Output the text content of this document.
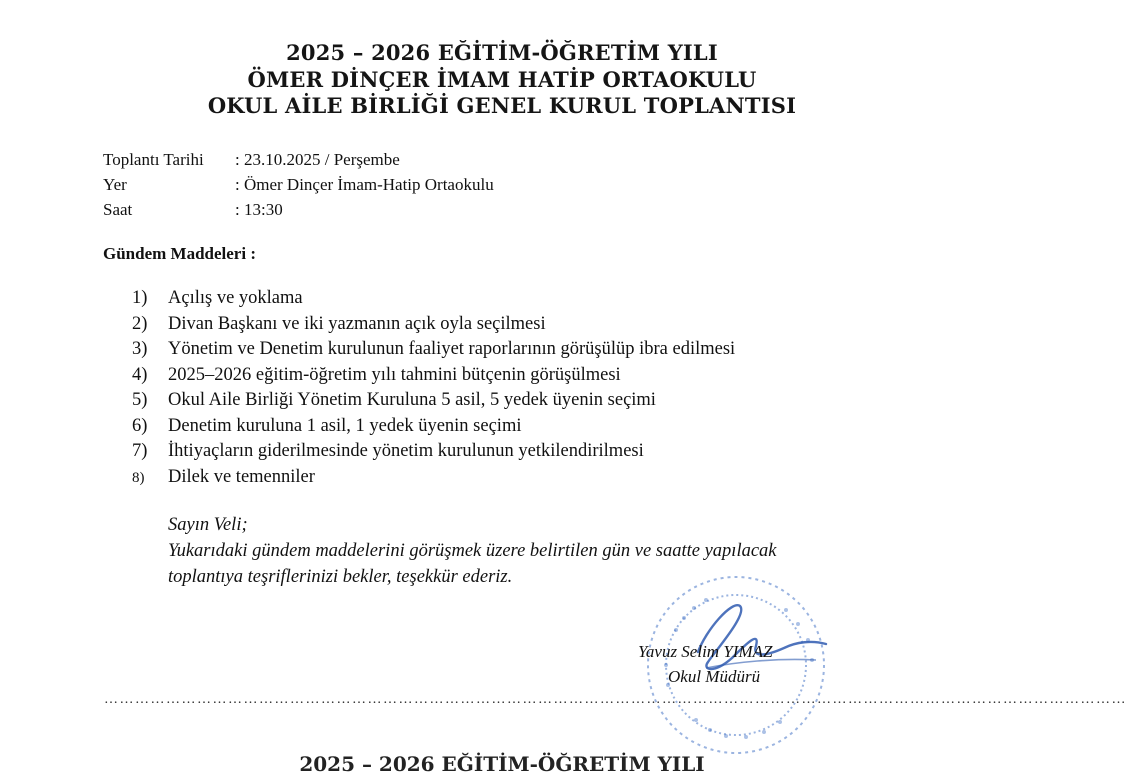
2025 – 2026 EĞİTİM-ÖĞRETİM YILI
ÖMER DİNÇER İMAM HATİP ORTAOKULU
OKUL AİLE BİRLİĞİ GENEL KURUL TOPLANTISI
Toplantı Tarihi : 23.10.2025 / Perşembe
Yer	: Ömer Dinçer İmam-Hatip Ortaokulu
Saat	: 13:30
Gündem Maddeleri :
1) Açılış ve yoklama
2) Divan Başkanı ve iki yazmanın açık oyla seçilmesi
3) Yönetim ve Denetim kurulunun faaliyet raporlarının görüşülüp ibra edilmesi
4) 2025–2026 eğitim-öğretim yılı tahmini bütçenin görüşülmesi
5) Okul Aile Birliği Yönetim Kuruluna 5 asil, 5 yedek üyenin seçimi
6) Denetim kuruluna 1 asil, 1 yedek üyenin seçimi
7) İhtiyaçların giderilmesinde yönetim kurulunun yetkilendirilmesi
8) Dilek ve temenniler
Sayın Veli;
Yukarıdaki gündem maddelerini görüşmek üzere belirtilen gün ve saatte yapılacak
toplantıya teşriflerinizi bekler, teşekkür ederiz.
Yavuz Selim YIMAZ
Okul Müdürü
………………………………………………………………………………………………………………………………………………………………………………
2025 – 2026 EĞİTİM-ÖĞRETİM YILI
